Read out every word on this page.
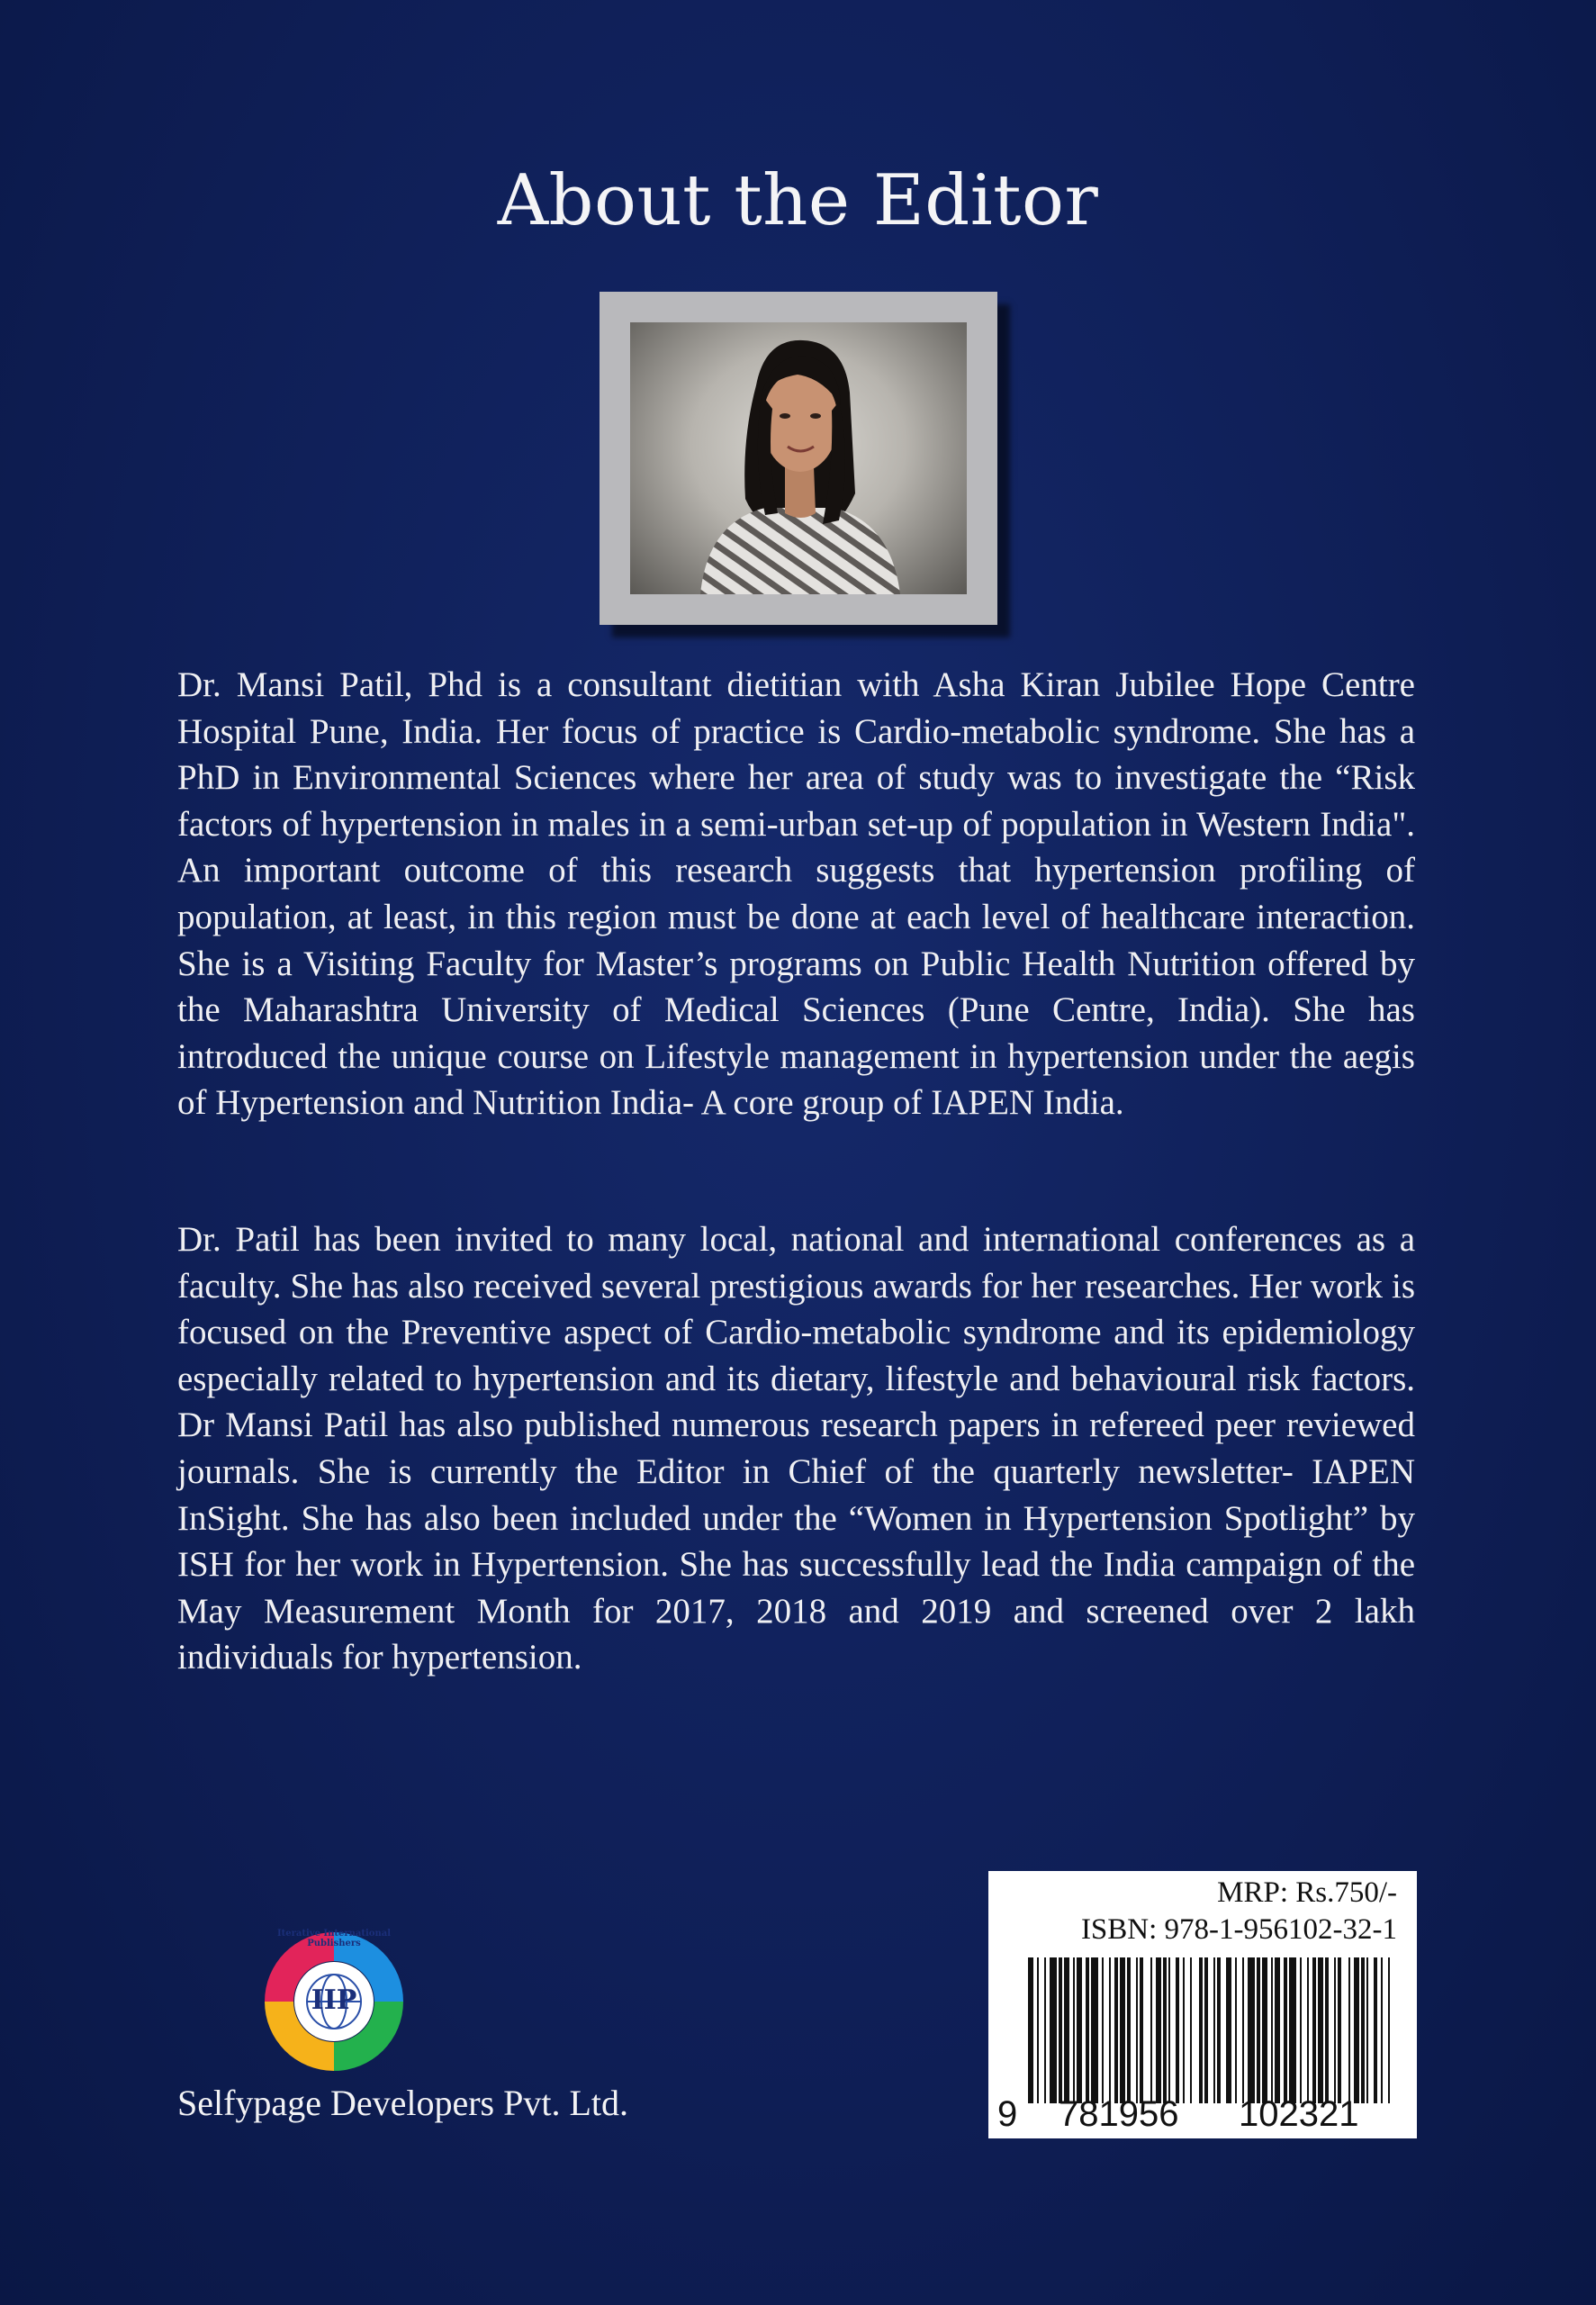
About the Editor
Dr. Mansi Patil, Phd is a consultant dietitian with Asha Kiran Jubilee Hope Centre Hospital Pune, India. Her focus of practice is Cardio-metabolic syndrome. She has a PhD in Environmental Sciences where her area of study was to investigate the “Risk factors of hypertension in males in a semi-urban set-up of population in Western India". An important outcome of this research suggests that hypertension profiling of population, at least, in this region must be done at each level of healthcare interaction. She is a Visiting Faculty for Master’s programs on Public Health Nutrition offered by the Maharashtra University of Medical Sciences (Pune Centre, India). She has introduced the unique course on Lifestyle management in hypertension under the aegis of Hypertension and Nutrition India- A core group of IAPEN India.
Dr. Patil has been invited to many local, national and international conferences as a faculty. She has also received several prestigious awards for her researches. Her work is focused on the Preventive aspect of Cardio-metabolic syndrome and its epidemiology especially related to hypertension and its dietary, lifestyle and behavioural risk factors. Dr Mansi Patil has also published numerous research papers in refereed peer reviewed journals. She is currently the Editor in Chief of the quarterly newsletter- IAPEN InSight. She has also been included under the “Women in Hypertension Spotlight” by ISH for her work in Hypertension. She has successfully lead the India campaign of the May Measurement Month for 2017, 2018 and 2019 and screened over 2 lakh individuals for hypertension.
IIP
Iterative International Publishers
Selfypage Developers Pvt. Ltd.
MRP: Rs.750/-
ISBN: 978-1-956102-32-1
9 781956 102321
